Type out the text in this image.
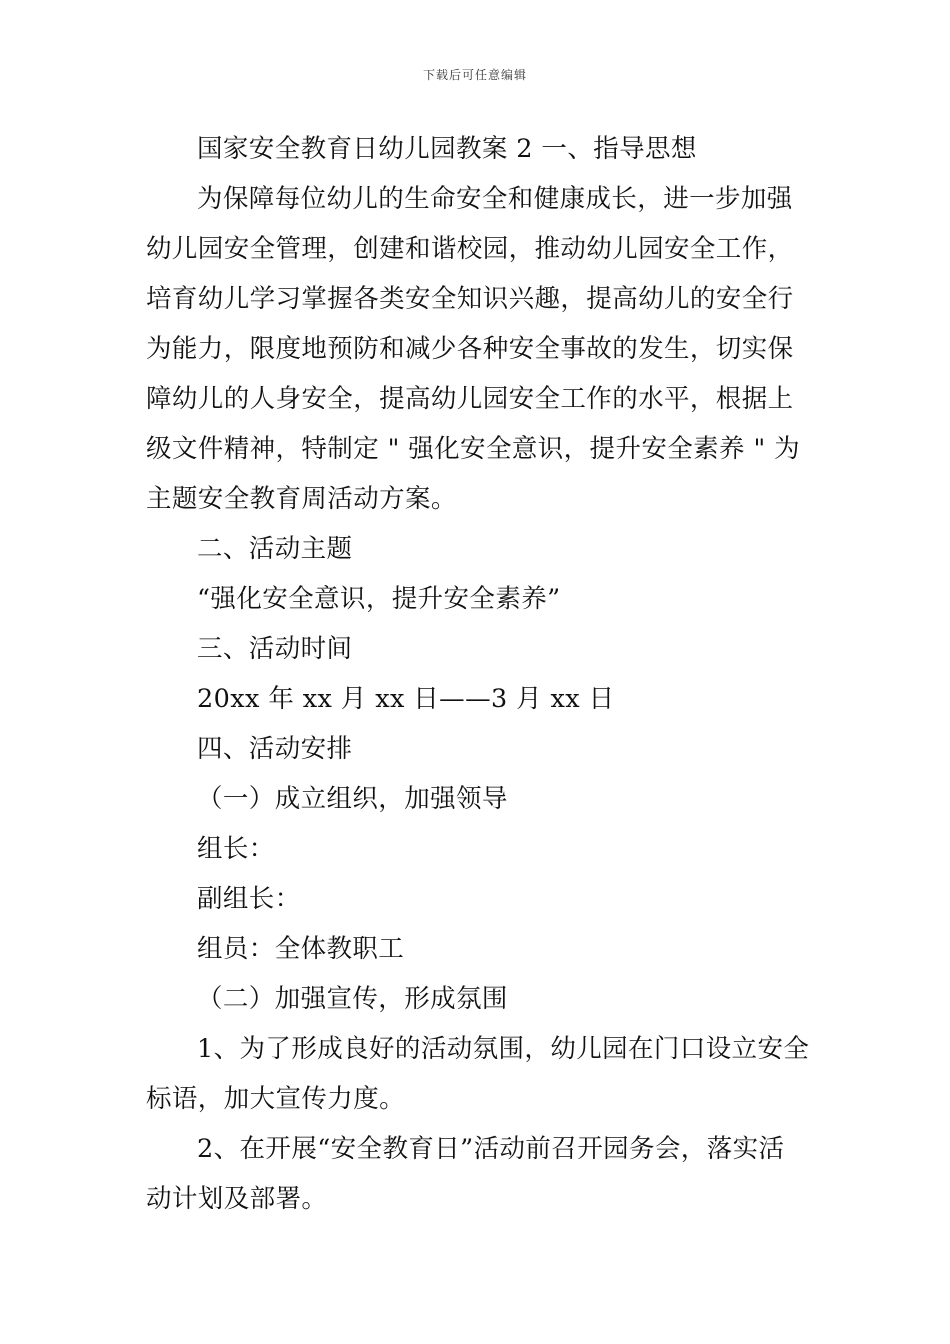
下载后可任意编辑
国家安全教育日幼儿园教案 2 一、指导思想
为保障每位幼儿的生命安全和健康成长，进一步加强
幼儿园安全管理，创建和谐校园，推动幼儿园安全工作，
培育幼儿学习掌握各类安全知识兴趣，提高幼儿的安全行
为能力，限度地预防和减少各种安全事故的发生，切实保
障幼儿的人身安全，提高幼儿园安全工作的水平，根据上
级文件精神，特制定 " 强化安全意识，提升安全素养 " 为
主题安全教育周活动方案。
二、活动主题
“强化安全意识，提升安全素养”
三、活动时间
20xx 年 xx 月 xx 日——3 月 xx 日
四、活动安排
（一）成立组织，加强领导
组长：
副组长：
组员：全体教职工
（二）加强宣传，形成氛围
1、为了形成良好的活动氛围，幼儿园在门口设立安全
标语，加大宣传力度。
2、在开展“安全教育日”活动前召开园务会，落实活
动计划及部署。
